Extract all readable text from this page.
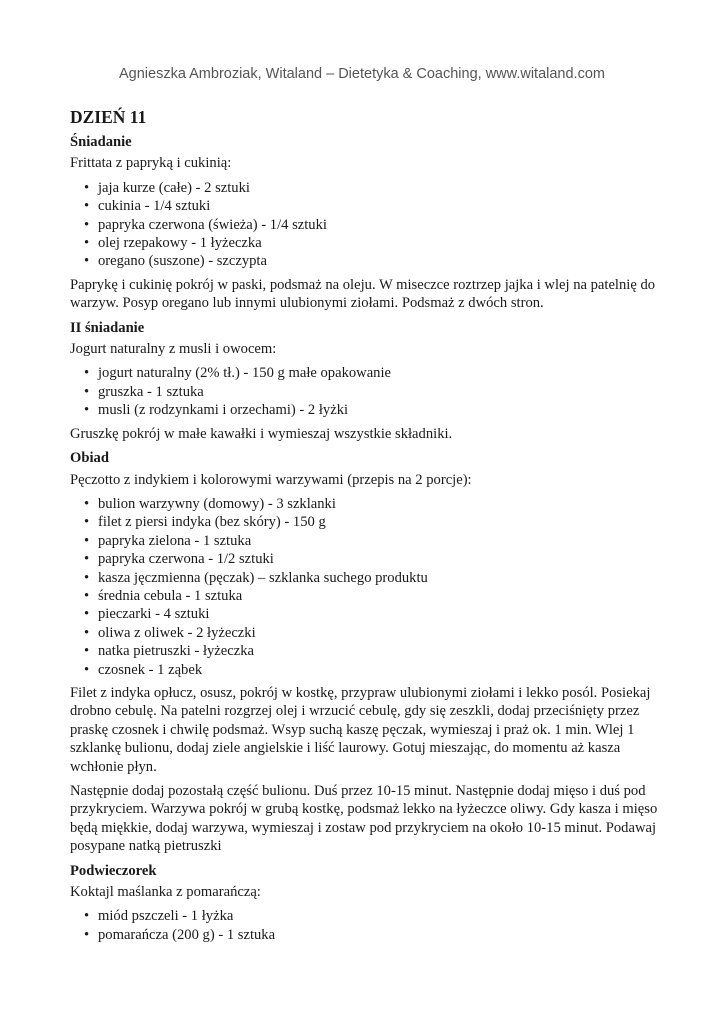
Agnieszka Ambroziak, Witaland – Dietetyka & Coaching, www.witaland.com
DZIEŃ 11
Śniadanie

Frittata z papryką i cukinią:

• jaja kurze (całe) - 2 sztuki
• cukinia - 1/4 sztuki
• papryka czerwona (świeża) - 1/4 sztuki
• olej rzepakowy - 1 łyżeczka
• oregano (suszone) - szczypta

Paprykę i cukinię pokrój w paski, podsmaż na oleju. W miseczce roztrzep jajka i wlej na patelnię do warzyw. Posyp oregano lub innymi ulubionymi ziołami. Podsmaż z dwóch stron.

II śniadanie

Jogurt naturalny z musli i owocem:

• jogurt naturalny (2% tł.) - 150 g małe opakowanie
• gruszka - 1 sztuka
• musli (z rodzynkami i orzechami) - 2 łyżki

Gruszkę pokrój w małe kawałki i wymieszaj wszystkie składniki.

Obiad

Pęczotto z indykiem i kolorowymi warzywami (przepis na 2 porcje):

• bulion warzywny (domowy) - 3 szklanki
• filet z piersi indyka (bez skóry) - 150 g
• papryka zielona - 1 sztuka
• papryka czerwona - 1/2 sztuki
• kasza jęczmienna (pęczak) – szklanka suchego produktu
• średnia cebula - 1 sztuka
• pieczarki - 4 sztuki
• oliwa z oliwek - 2 łyżeczki
• natka pietruszki - łyżeczka
• czosnek - 1 ząbek

Filet z indyka opłucz, osusz, pokrój w kostkę, przypraw ulubionymi ziołami i lekko posól. Posiekaj drobno cebulę. Na patelni rozgrzej olej i wrzucić cebulę, gdy się zeszkli, dodaj przeciśnięty przez praskę czosnek i chwilę podsmaż. Wsyp suchą kaszę pęczak, wymieszaj i praż ok. 1 min. Wlej 1 szklankę bulionu, dodaj ziele angielskie i liść laurowy. Gotuj mieszając, do momentu aż kasza wchłonie płyn.

Następnie dodaj pozostałą część bulionu. Duś przez 10-15 minut. Następnie dodaj mięso i duś pod przykryciem. Warzywa pokrój w grubą kostkę, podsmaż lekko na łyżeczce oliwy. Gdy kasza i mięso będą miękkie, dodaj warzywa, wymieszaj i zostaw pod przykryciem na około 10-15 minut. Podawaj posypane natką pietruszki

Podwieczorek

Koktajl maślanka z pomarańczą:

• miód pszczeli - 1 łyżka
• pomarańcza (200 g) - 1 sztuka
